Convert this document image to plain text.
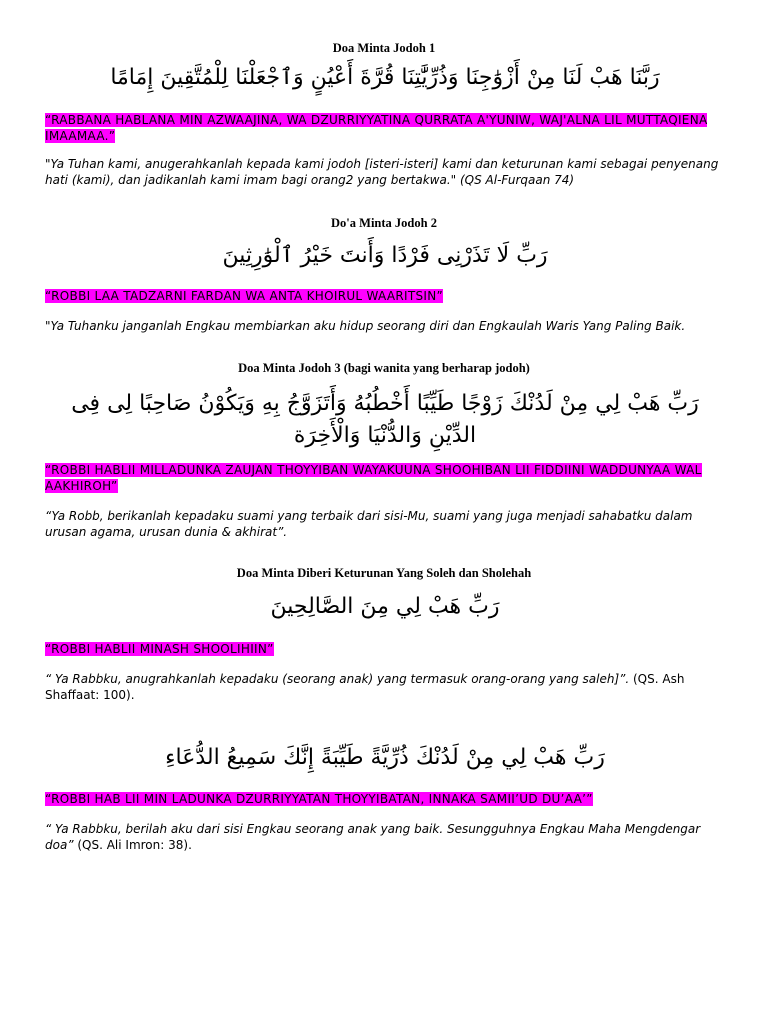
Doa Minta Jodoh 1
رَبَّنَا هَبْ لَنَا مِنْ أَزْوَٰجِنَا وَذُرِّيَّٰتِنَا قُرَّةَ أَعْيُنٍ وَٱجْعَلْنَا لِلْمُتَّقِينَ إِمَامًا
“RABBANA HABLANA MIN AZWAAJINA, WA DZURRIYYATINA QURRATA A'YUNIW, WAJ'ALNA LIL MUTTAQIENA IMAAMAA.”
"Ya Tuhan kami, anugerahkanlah kepada kami jodoh [isteri-isteri] kami dan keturunan kami sebagai penyenang hati (kami), dan jadikanlah kami imam bagi orang2 yang bertakwa." (QS Al-Furqaan 74)
Do'a Minta Jodoh 2
رَبِّ لَا تَذَرْنِى فَرْدًا وَأَنتَ خَيْرُ ٱلْوَٰرِثِينَ
“ROBBI LAA TADZARNI FARDAN WA ANTA KHOIRUL WAARITSIN”
"Ya Tuhanku janganlah Engkau membiarkan aku hidup seorang diri dan Engkaulah Waris Yang Paling Baik.
Doa Minta Jodoh 3 (bagi wanita yang berharap jodoh)
رَبِّ هَبْ لِي مِنْ لَدُنْكَ زَوْجًا طَيِّبًا أَخْطُبُهُ وَأَتَزَوَّجُ بِهِ وَيَكُوْنُ صَاحِبًا لِى فِى الدِّيْنِ وَالدُّنْيَا وَالْأَخِرَة
“ROBBI HABLII MILLADUNKA ZAUJAN THOYYIBAN WAYAKUUNA SHOOHIBAN LII FIDDIINI WADDUNYAA WAL AAKHIROH”
“Ya Robb, berikanlah kepadaku suami yang terbaik dari sisi-Mu, suami yang juga menjadi sahabatku dalam urusan agama, urusan dunia & akhirat”.
Doa Minta Diberi Keturunan Yang Soleh dan Sholehah
رَبِّ هَبْ لِي مِنَ الصَّالِحِينَ
“ROBBI HABLII MINASH SHOOLIHIIN”
“ Ya Rabbku, anugrahkanlah kepadaku (seorang anak) yang termasuk orang-orang yang saleh]”. (QS. Ash Shaffaat: 100).
رَبِّ هَبْ لِي مِنْ لَدُنْكَ ذُرِّيَّةً طَيِّبَةً إِنَّكَ سَمِيعُ الدُّعَاءِ
“ROBBI HAB LII MIN LADUNKA DZURRIYYATAN THOYYIBATAN, INNAKA SAMII’UD DU’AA’”
“ Ya Rabbku, berilah aku dari sisi Engkau seorang anak yang baik. Sesungguhnya Engkau Maha Mengdengar doa” (QS. Ali Imron: 38).
